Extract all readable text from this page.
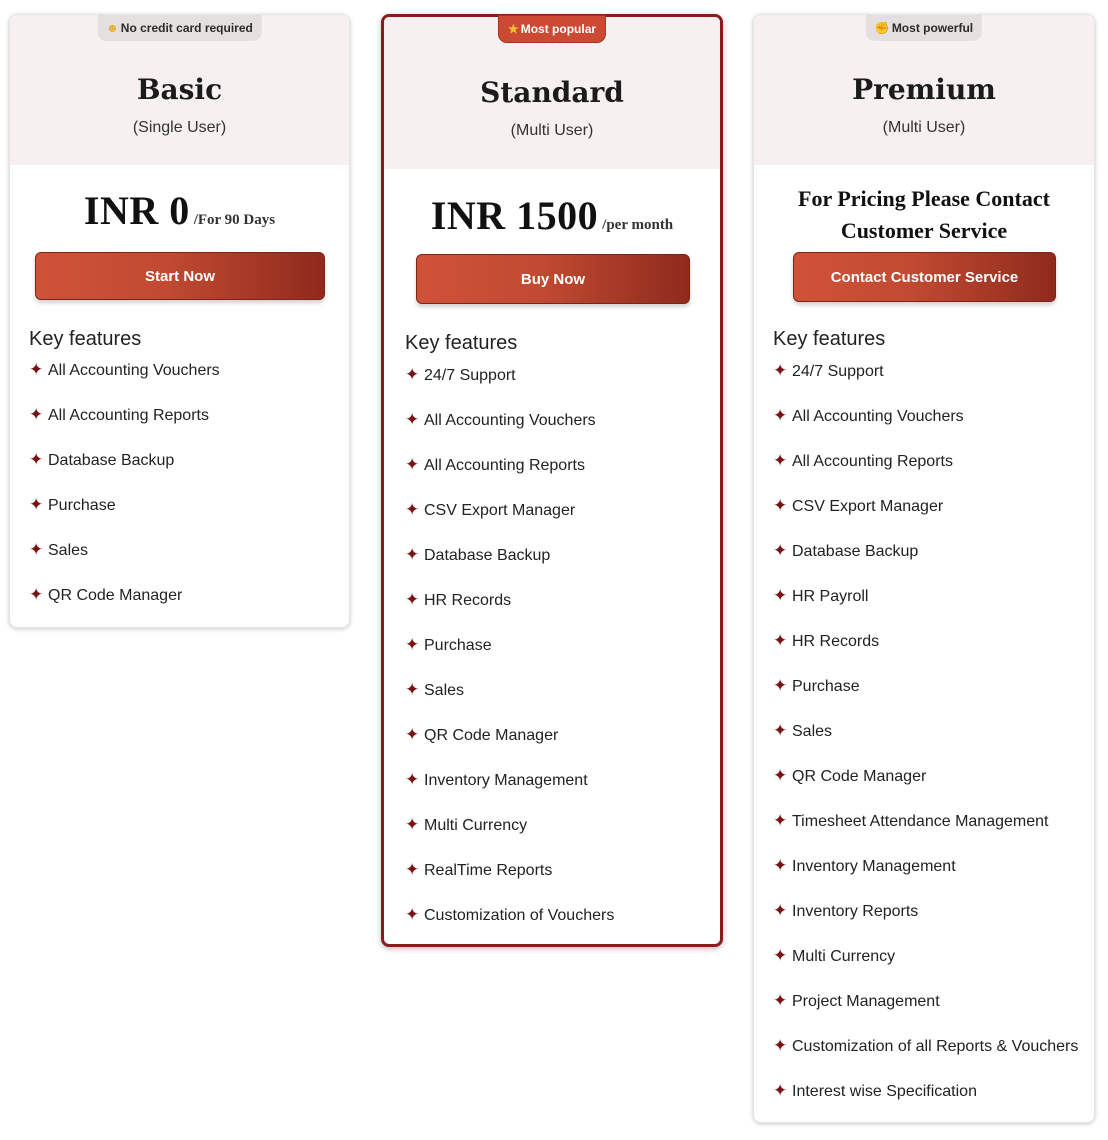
☻ No credit card required
Basic
(Single User)
INR 0 /For 90 Days
Start Now
Key features
✦ All Accounting Vouchers
✦ All Accounting Reports
✦ Database Backup
✦ Purchase
✦ Sales
✦ QR Code Manager
★ Most popular
Standard
(Multi User)
INR 1500 /per month
Buy Now
Key features
✦ 24/7 Support
✦ All Accounting Vouchers
✦ All Accounting Reports
✦ CSV Export Manager
✦ Database Backup
✦ HR Records
✦ Purchase
✦ Sales
✦ QR Code Manager
✦ Inventory Management
✦ Multi Currency
✦ RealTime Reports
✦ Customization of Vouchers
✊ Most powerful
Premium
(Multi User)
For Pricing Please Contact Customer Service
Contact Customer Service
Key features
✦ 24/7 Support
✦ All Accounting Vouchers
✦ All Accounting Reports
✦ CSV Export Manager
✦ Database Backup
✦ HR Payroll
✦ HR Records
✦ Purchase
✦ Sales
✦ QR Code Manager
✦ Timesheet Attendance Management
✦ Inventory Management
✦ Inventory Reports
✦ Multi Currency
✦ Project Management
✦ Customization of all Reports & Vouchers
✦ Interest wise Specification
